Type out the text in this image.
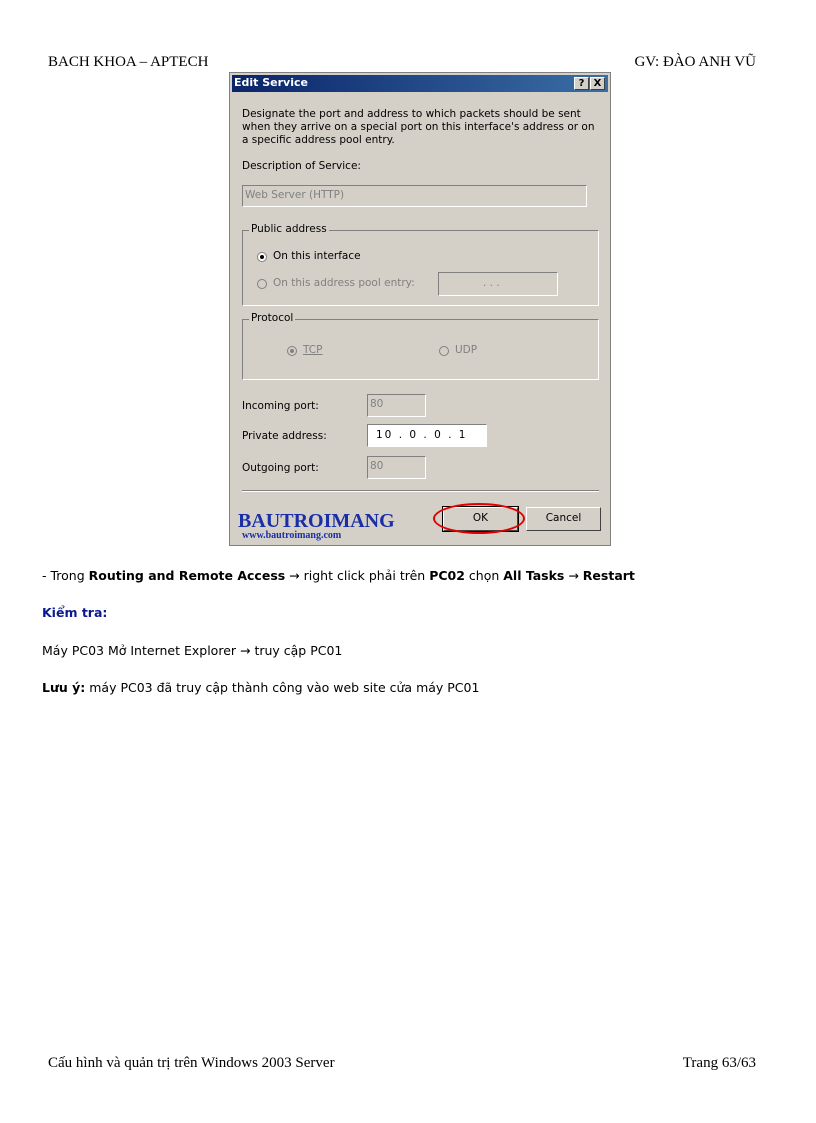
BACH KHOA – APTECH	GV: ĐÀO ANH VŨ
Edit Service	? X
Designate the port and address to which packets should be sent when they arrive on a special port on this interface's address or on a specific address pool entry.
Description of Service:
Web Server (HTTP)
Public address
On this interface
On this address pool entry:	. . .
Protocol
TCP	UDP
Incoming port:	80
Private address:	10 . 0 . 0 . 1
Outgoing port:	80
BAUTROIMANG
www.bautroimang.com
OK	Cancel
- Trong Routing and Remote Access → right click phải trên PC02 chọn All Tasks → Restart
Kiểm tra:
Máy PC03 Mở Internet Explorer → truy cập PC01
Lưu ý: máy PC03 đã truy cập thành công vào web site cửa máy PC01
Cấu hình và quản trị trên Windows 2003 Server	Trang 63/63
